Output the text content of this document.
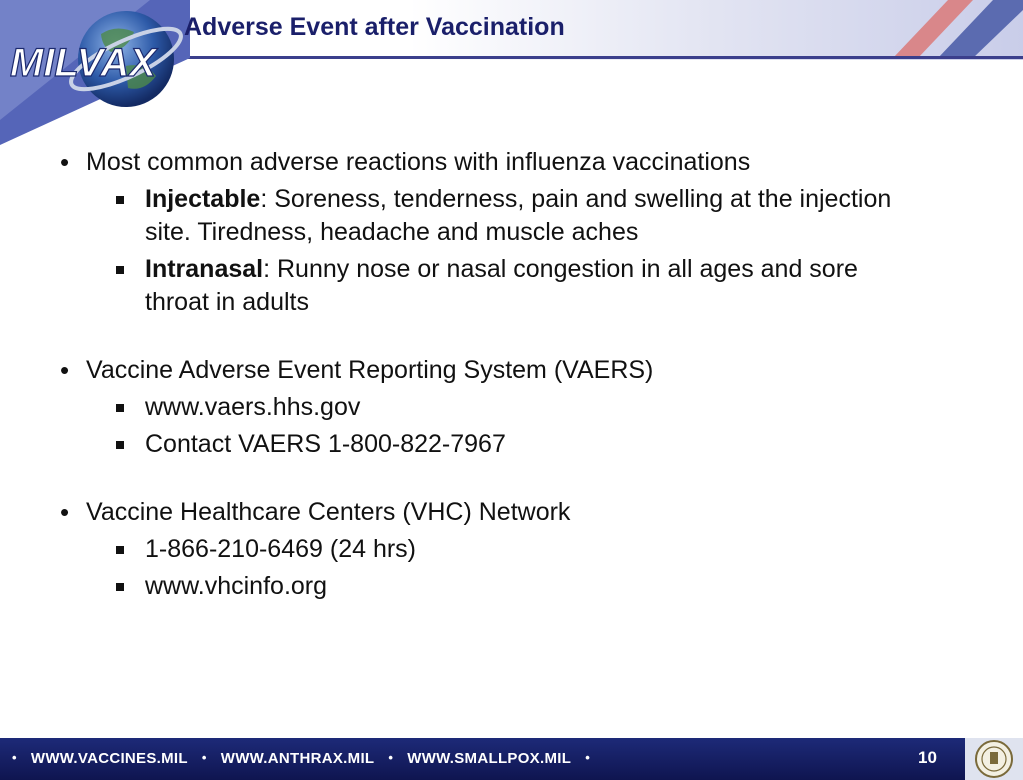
Adverse Event after Vaccination
MILVAX
• Most common adverse reactions with influenza vaccinations
Injectable: Soreness, tenderness, pain and swelling at the injection
site. Tiredness, headache and muscle aches
Intranasal: Runny nose or nasal congestion in all ages and sore
throat in adults
• Vaccine Adverse Event Reporting System (VAERS)
www.vaers.hhs.gov
Contact VAERS 1-800-822-7967
• Vaccine Healthcare Centers (VHC) Network
1-866-210-6469 (24 hrs)
www.vhcinfo.org
• WWW.VACCINES.MIL • WWW.ANTHRAX.MIL • WWW.SMALLPOX.MIL •	10
